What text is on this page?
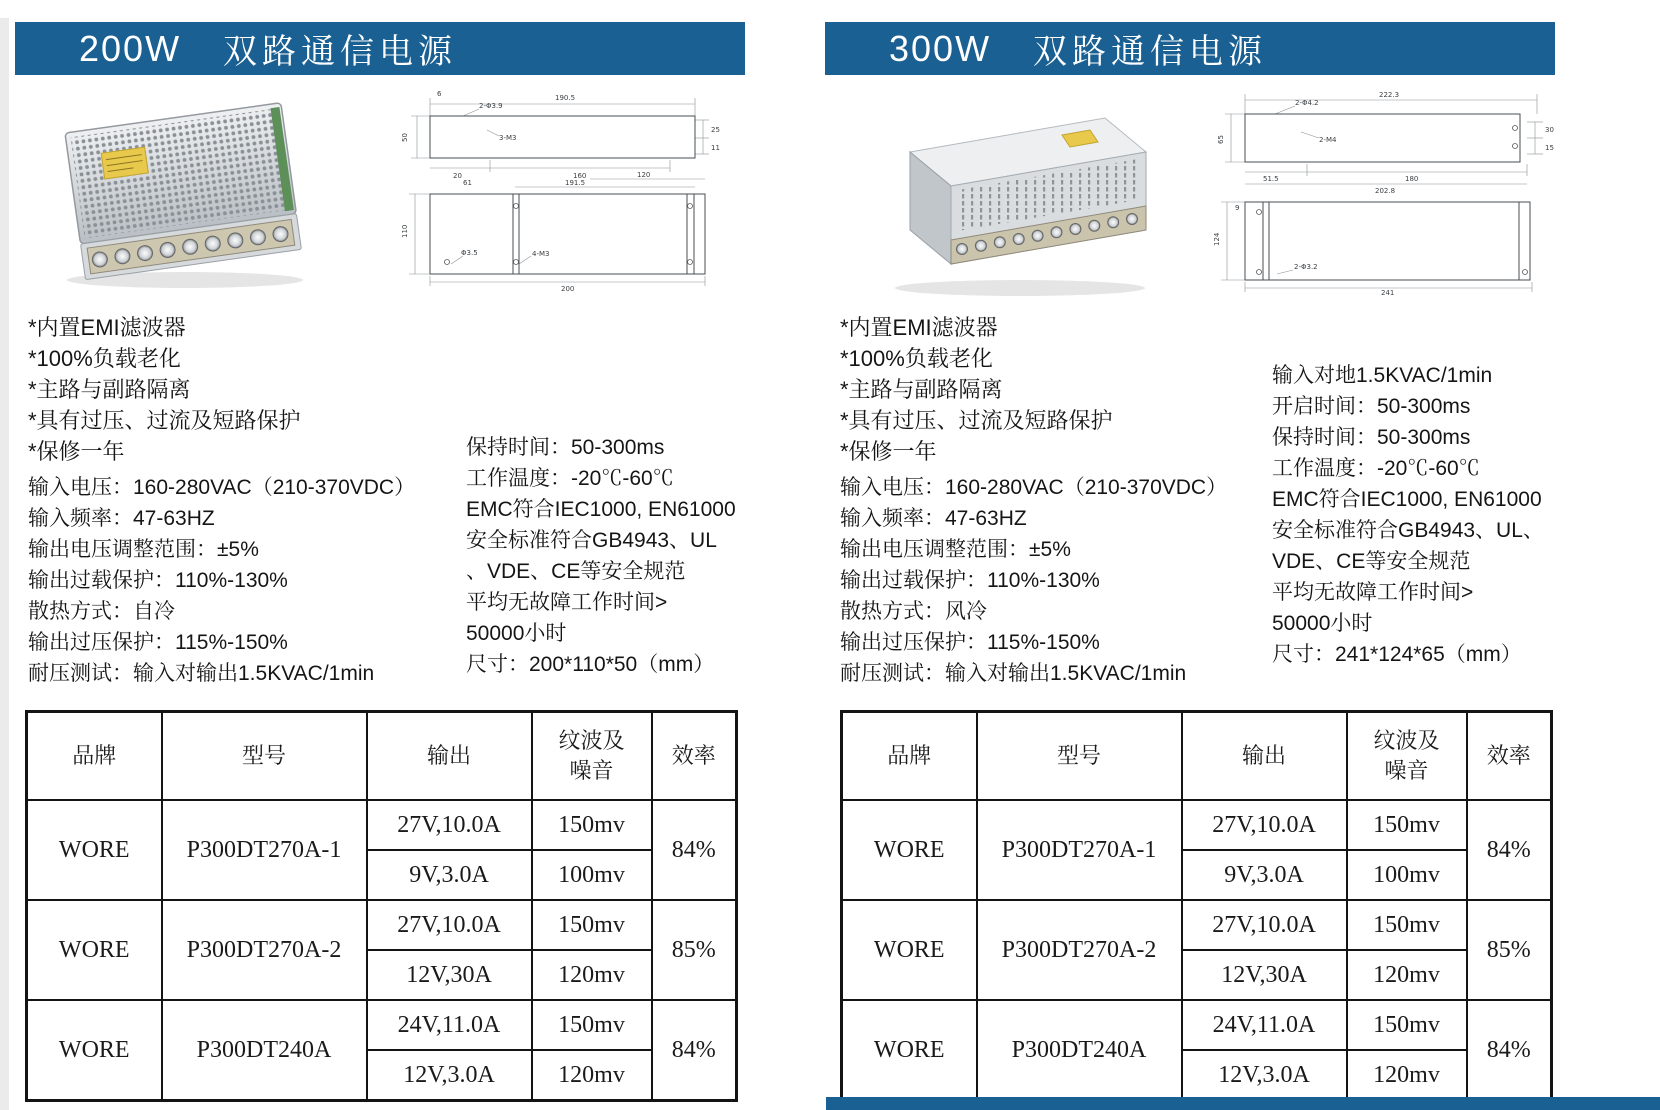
200W 双路通信电源
190.5
50
6
20	160
25
11
2-Φ3.9
3-M3
191.5
120
61
200
110
4-M3
Φ3.5
*内置EMI滤波器
*100%负载老化
*主路与副路隔离
*具有过压、过流及短路保护
*保修一年
输入电压：160-280VAC（210-370VDC）
输入频率：47-63HZ
输出电压调整范围：±5%
输出过载保护：110%-130%
散热方式：自冷
输出过压保护：115%-150%
耐压测试：输入对输出1.5KVAC/1min
保持时间：50-300ms
工作温度：-20℃-60℃
EMC符合IEC1000, EN61000
安全标准符合GB4943、UL
、VDE、CE等安全规范
平均无故障工作时间>
50000小时
尺寸：200*110*50（mm）
品牌	型号	输出	纹波及 噪音	效率
WORE	P300DT270A-1	27V,10.0A	150mv	84%
		9V,3.0A	100mv	
WORE	P300DT270A-2	27V,10.0A	150mv	85%
		12V,30A	120mv	
WORE	P300DT240A	24V,11.0A	150mv	84%
		12V,3.0A	120mv	
300W 双路通信电源
222.3
65
51.5	180
202.8
30
15
2-Φ4.2
2-M4
241
124
9
2-Φ3.2
*内置EMI滤波器
*100%负载老化
*主路与副路隔离
*具有过压、过流及短路保护
*保修一年
输入电压：160-280VAC（210-370VDC）
输入频率：47-63HZ
输出电压调整范围：±5%
输出过载保护：110%-130%
散热方式：风冷
输出过压保护：115%-150%
耐压测试：输入对输出1.5KVAC/1min
输入对地1.5KVAC/1min
开启时间：50-300ms
保持时间：50-300ms
工作温度：-20℃-60℃
EMC符合IEC1000, EN61000
安全标准符合GB4943、UL、
VDE、CE等安全规范
平均无故障工作时间>
50000小时
尺寸：241*124*65（mm）
品牌	型号	输出	纹波及 噪音	效率
WORE	P300DT270A-1	27V,10.0A	150mv	84%
		9V,3.0A	100mv	
WORE	P300DT270A-2	27V,10.0A	150mv	85%
		12V,30A	120mv	
WORE	P300DT240A	24V,11.0A	150mv	84%
		12V,3.0A	120mv	
